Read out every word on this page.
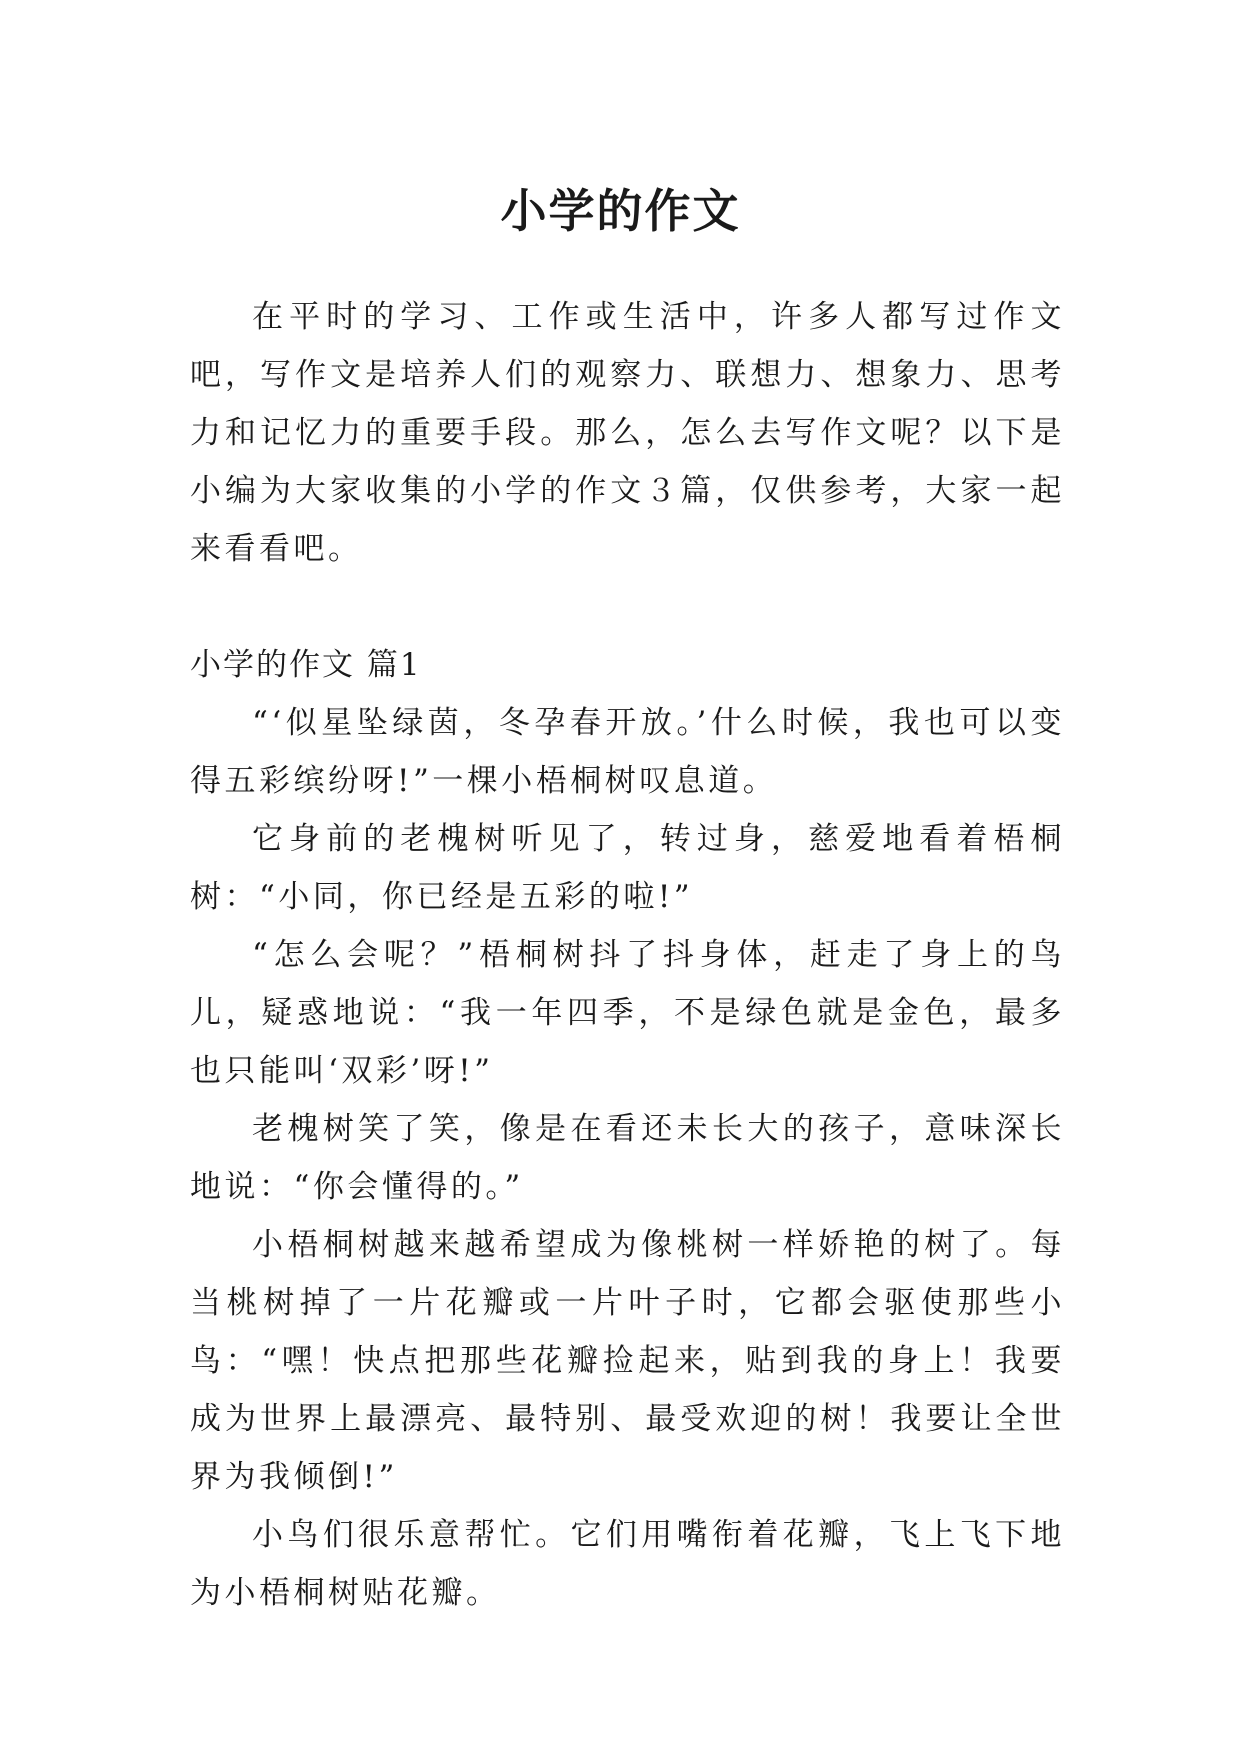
小学的作文

在平时的学习、工作或生活中，许多人都写过作文吧，写作文是培养人们的观察力、联想力、想象力、思考力和记忆力的重要手段。那么，怎么去写作文呢？以下是小编为大家收集的小学的作文３篇，仅供参考，大家一起来看看吧。

小学的作文 篇1

“‘似星坠绿茵，冬孕春开放。’什么时候，我也可以变得五彩缤纷呀!”一棵小梧桐树叹息道。

它身前的老槐树听见了，转过身，慈爱地看着梧桐树：“小同，你已经是五彩的啦!”

“怎么会呢？”梧桐树抖了抖身体，赶走了身上的鸟儿，疑惑地说：“我一年四季，不是绿色就是金色，最多也只能叫‘双彩’呀!”

老槐树笑了笑，像是在看还未长大的孩子，意味深长地说：“你会懂得的。”

小梧桐树越来越希望成为像桃树一样娇艳的树了。每当桃树掉了一片花瓣或一片叶子时，它都会驱使那些小鸟：“嘿！快点把那些花瓣捡起来，贴到我的身上！我要成为世界上最漂亮、最特别、最受欢迎的树！我要让全世界为我倾倒!”

小鸟们很乐意帮忙。它们用嘴衔着花瓣，飞上飞下地为小梧桐树贴花瓣。
